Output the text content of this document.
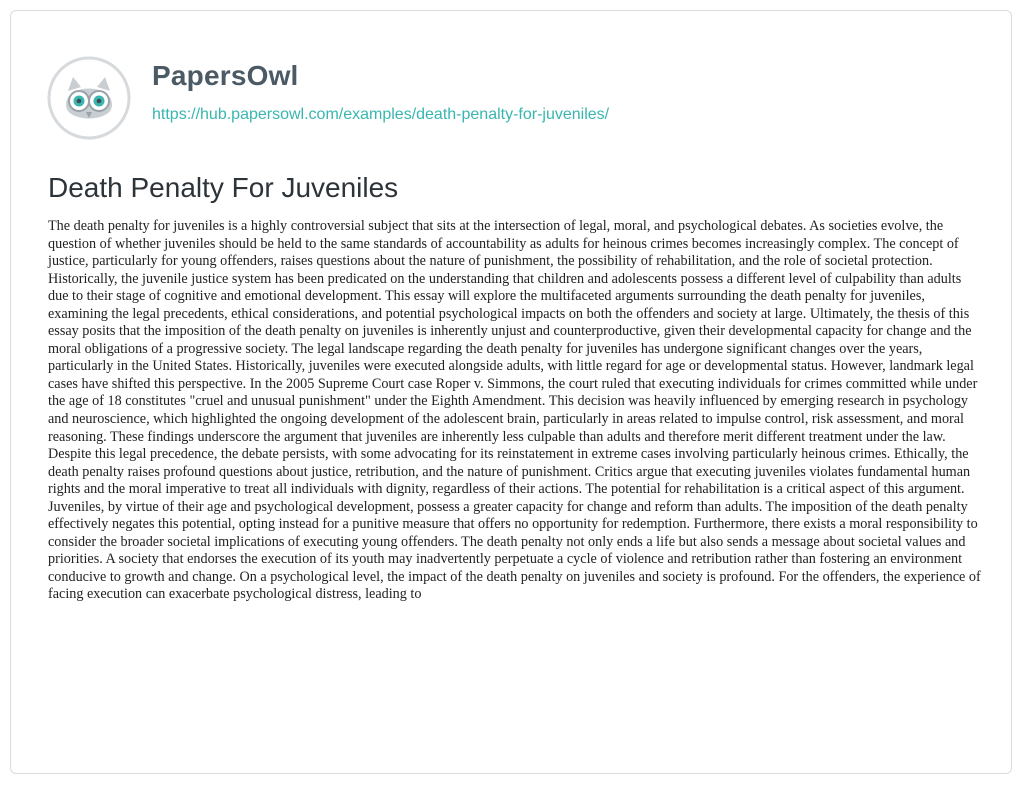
PapersOwl
https://hub.papersowl.com/examples/death-penalty-for-juveniles/
Death Penalty For Juveniles

The death penalty for juveniles is a highly controversial subject that sits at the intersection of legal, moral, and psychological debates. As societies evolve, the question of whether juveniles should be held to the same standards of accountability as adults for heinous crimes becomes increasingly complex. The concept of justice, particularly for young offenders, raises questions about the nature of punishment, the possibility of rehabilitation, and the role of societal protection. Historically, the juvenile justice system has been predicated on the understanding that children and adolescents possess a different level of culpability than adults due to their stage of cognitive and emotional development. This essay will explore the multifaceted arguments surrounding the death penalty for juveniles, examining the legal precedents, ethical considerations, and potential psychological impacts on both the offenders and society at large. Ultimately, the thesis of this essay posits that the imposition of the death penalty on juveniles is inherently unjust and counterproductive, given their developmental capacity for change and the moral obligations of a progressive society. The legal landscape regarding the death penalty for juveniles has undergone significant changes over the years, particularly in the United States. Historically, juveniles were executed alongside adults, with little regard for age or developmental status. However, landmark legal cases have shifted this perspective. In the 2005 Supreme Court case Roper v. Simmons, the court ruled that executing individuals for crimes committed while under the age of 18 constitutes "cruel and unusual punishment" under the Eighth Amendment. This decision was heavily influenced by emerging research in psychology and neuroscience, which highlighted the ongoing development of the adolescent brain, particularly in areas related to impulse control, risk assessment, and moral reasoning. These findings underscore the argument that juveniles are inherently less culpable than adults and therefore merit different treatment under the law. Despite this legal precedence, the debate persists, with some advocating for its reinstatement in extreme cases involving particularly heinous crimes. Ethically, the death penalty raises profound questions about justice, retribution, and the nature of punishment. Critics argue that executing juveniles violates fundamental human rights and the moral imperative to treat all individuals with dignity, regardless of their actions. The potential for rehabilitation is a critical aspect of this argument. Juveniles, by virtue of their age and psychological development, possess a greater capacity for change and reform than adults. The imposition of the death penalty effectively negates this potential, opting instead for a punitive measure that offers no opportunity for redemption. Furthermore, there exists a moral responsibility to consider the broader societal implications of executing young offenders. The death penalty not only ends a life but also sends a message about societal values and priorities. A society that endorses the execution of its youth may inadvertently perpetuate a cycle of violence and retribution rather than fostering an environment conducive to growth and change. On a psychological level, the impact of the death penalty on juveniles and society is profound. For the offenders, the experience of facing execution can exacerbate psychological distress, leading to
